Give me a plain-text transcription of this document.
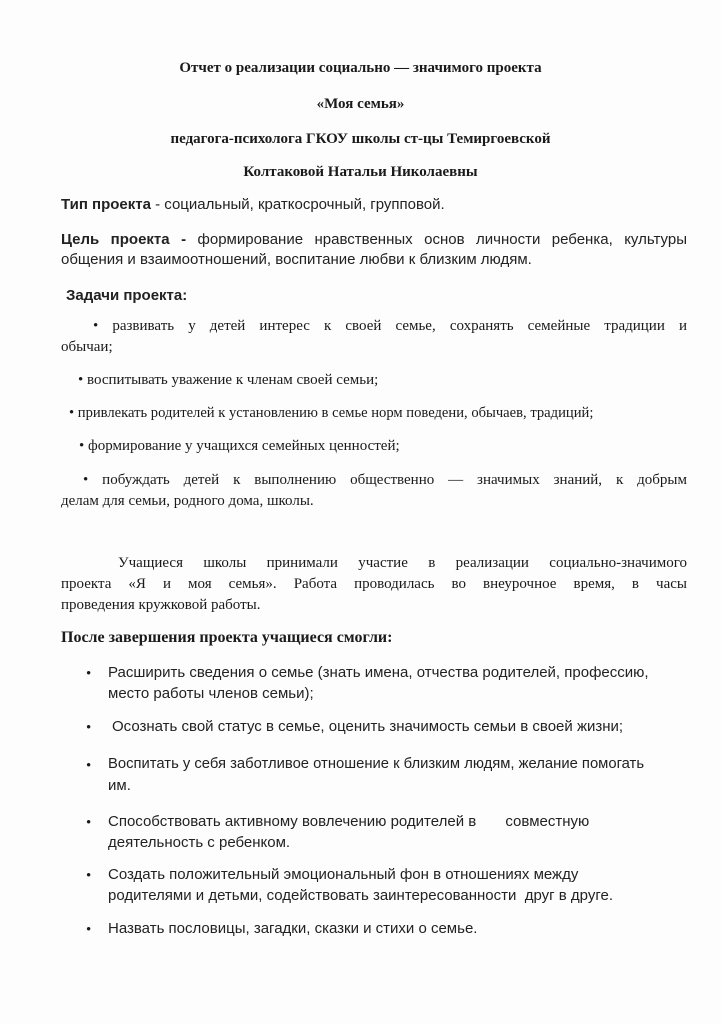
Отчет о реализации социально — значимого проекта
«Моя семья»
педагога-психолога ГКОУ школы ст-цы Темиргоевской
Колтаковой Натальи Николаевны
Тип проекта - социальный, краткосрочный, групповой.
Цель проекта - формирование нравственных основ личности ребенка, культуры
общения и взаимоотношений, воспитание любви к близким людям.
Задачи проекта:
• развивать у детей интерес к своей семье, сохранять семейные традиции и
обычаи;
• воспитывать уважение к членам своей семьи;
• привлекать родителей к установлению в семье норм поведени, обычаев, традиций;
• формирование у учащихся семейных ценностей;
• побуждать детей к выполнению общественно — значимых знаний, к добрым
делам для семьи, родного дома, школы.
Учащиеся школы принимали участие в реализации социально-значимого
проекта «Я и моя семья». Работа проводилась во внеурочное время, в часы
проведения кружковой работы.
После завершения проекта учащиеся смогли:
• Расширить сведения о семье (знать имена, отчества родителей, профессию,
место работы членов семьи);
• Осознать свой статус в семье, оценить значимость семьи в своей жизни;
• Воспитать у себя заботливое отношение к близким людям, желание помогать
им.
• Способствовать активному вовлечению родителей в       совместную
деятельность с ребенком.
• Создать положительный эмоциональный фон в отношениях между
родителями и детьми, содействовать заинтересованности  друг в друге.
• Назвать пословицы, загадки, сказки и стихи о семье.
